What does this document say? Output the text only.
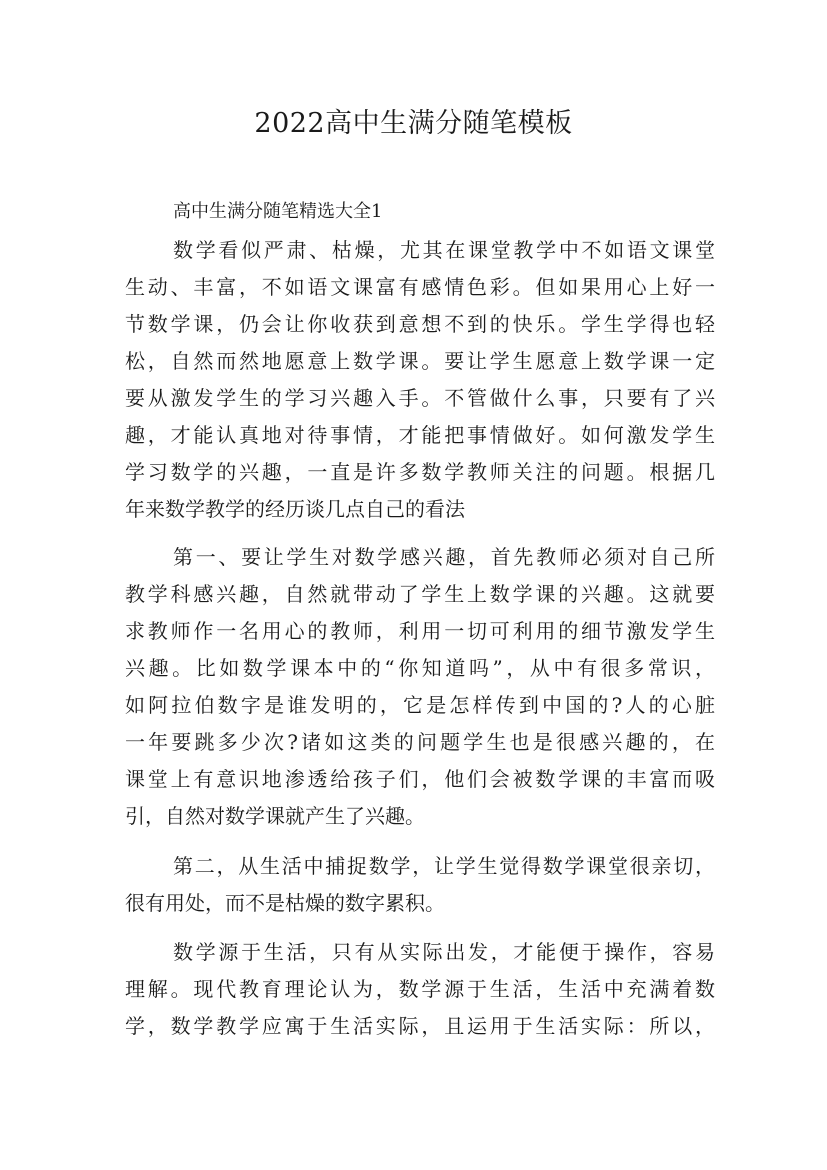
2022高中生满分随笔模板
高中生满分随笔精选大全1
数学看似严肃、枯燥，尤其在课堂教学中不如语文课堂
生动、丰富，不如语文课富有感情色彩。但如果用心上好一
节数学课，仍会让你收获到意想不到的快乐。学生学得也轻
松，自然而然地愿意上数学课。要让学生愿意上数学课一定
要从激发学生的学习兴趣入手。不管做什么事，只要有了兴
趣，才能认真地对待事情，才能把事情做好。如何激发学生
学习数学的兴趣，一直是许多数学教师关注的问题。根据几
年来数学教学的经历谈几点自己的看法
第一、要让学生对数学感兴趣，首先教师必须对自己所
教学科感兴趣，自然就带动了学生上数学课的兴趣。这就要
求教师作一名用心的教师，利用一切可利用的细节激发学生
兴趣。比如数学课本中的“你知道吗”，从中有很多常识，
如阿拉伯数字是谁发明的，它是怎样传到中国的?人的心脏
一年要跳多少次?诸如这类的问题学生也是很感兴趣的，在
课堂上有意识地渗透给孩子们，他们会被数学课的丰富而吸
引，自然对数学课就产生了兴趣。
第二，从生活中捕捉数学，让学生觉得数学课堂很亲切，
很有用处，而不是枯燥的数字累积。
数学源于生活，只有从实际出发，才能便于操作，容易
理解。现代教育理论认为，数学源于生活，生活中充满着数
学，数学教学应寓于生活实际，且运用于生活实际：所以，
